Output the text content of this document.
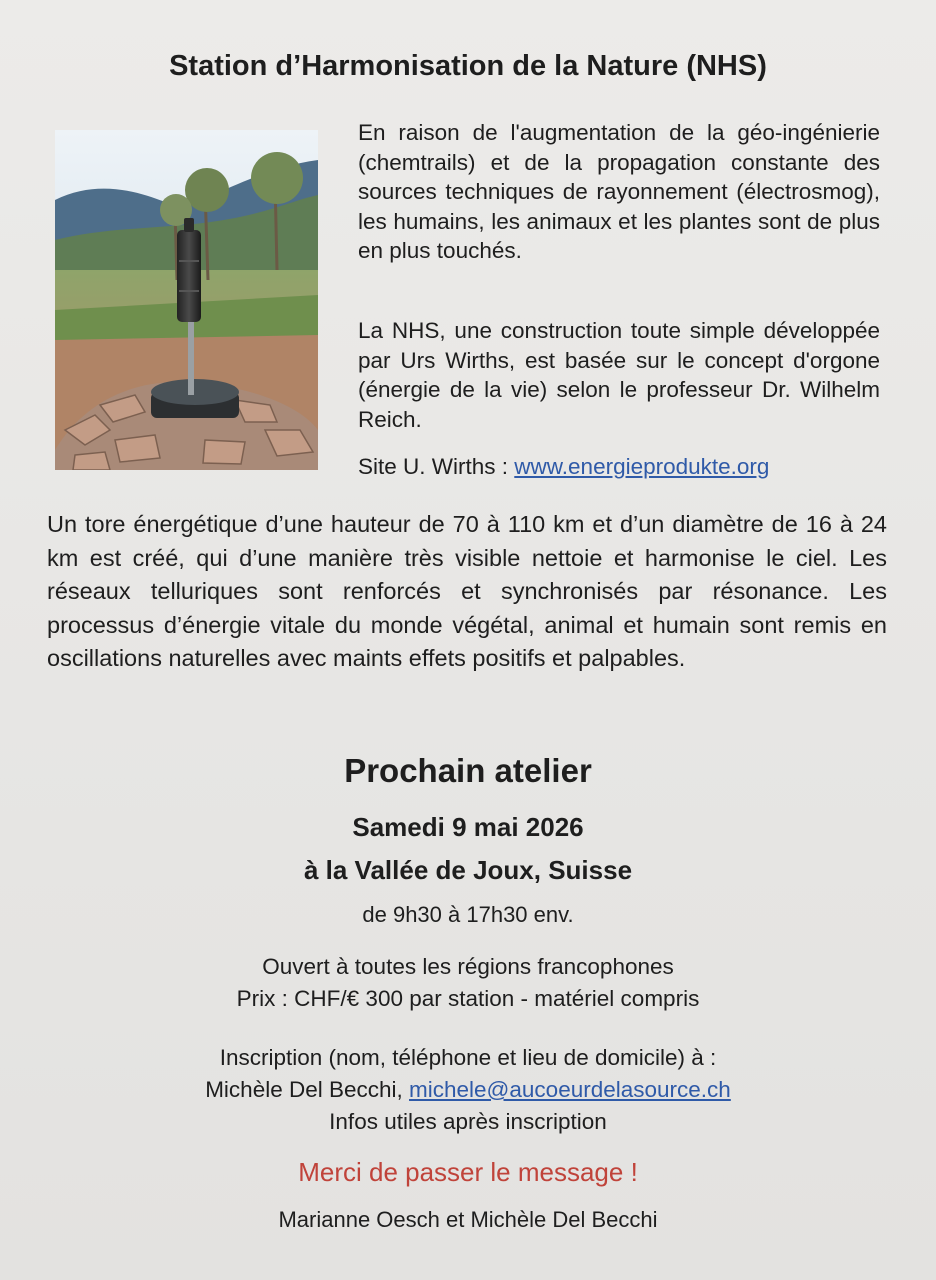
Station d’Harmonisation de la Nature (NHS)

En raison de l'augmentation de la géo-ingénierie (chemtrails) et de la propagation constante des sources techniques de rayonnement (électrosmog), les humains, les animaux et les plantes sont de plus en plus touchés.

La NHS, une construction toute simple développée par Urs Wirths, est basée sur le concept d'orgone (énergie de la vie) selon le professeur Dr. Wilhelm Reich.

Site U. Wirths : www.energieprodukte.org

Un tore énergétique d’une hauteur de 70 à 110 km et d’un diamètre de 16 à 24 km est créé, qui d’une manière très visible nettoie et harmonise le ciel. Les réseaux telluriques sont renforcés et synchronisés par résonance. Les processus d’énergie vitale du monde végétal, animal et humain sont remis en oscillations naturelles avec maints effets positifs et palpables.

Prochain atelier

Samedi 9 mai 2026

à la Vallée de Joux, Suisse

de 9h30 à 17h30 env.

Ouvert à toutes les régions francophones

Prix : CHF/€ 300 par station - matériel compris

Inscription (nom, téléphone et lieu de domicile) à :

Michèle Del Becchi, michele@aucoeurdelasource.ch

Infos utiles après inscription

Merci de passer le message !

Marianne Oesch et Michèle Del Becchi
